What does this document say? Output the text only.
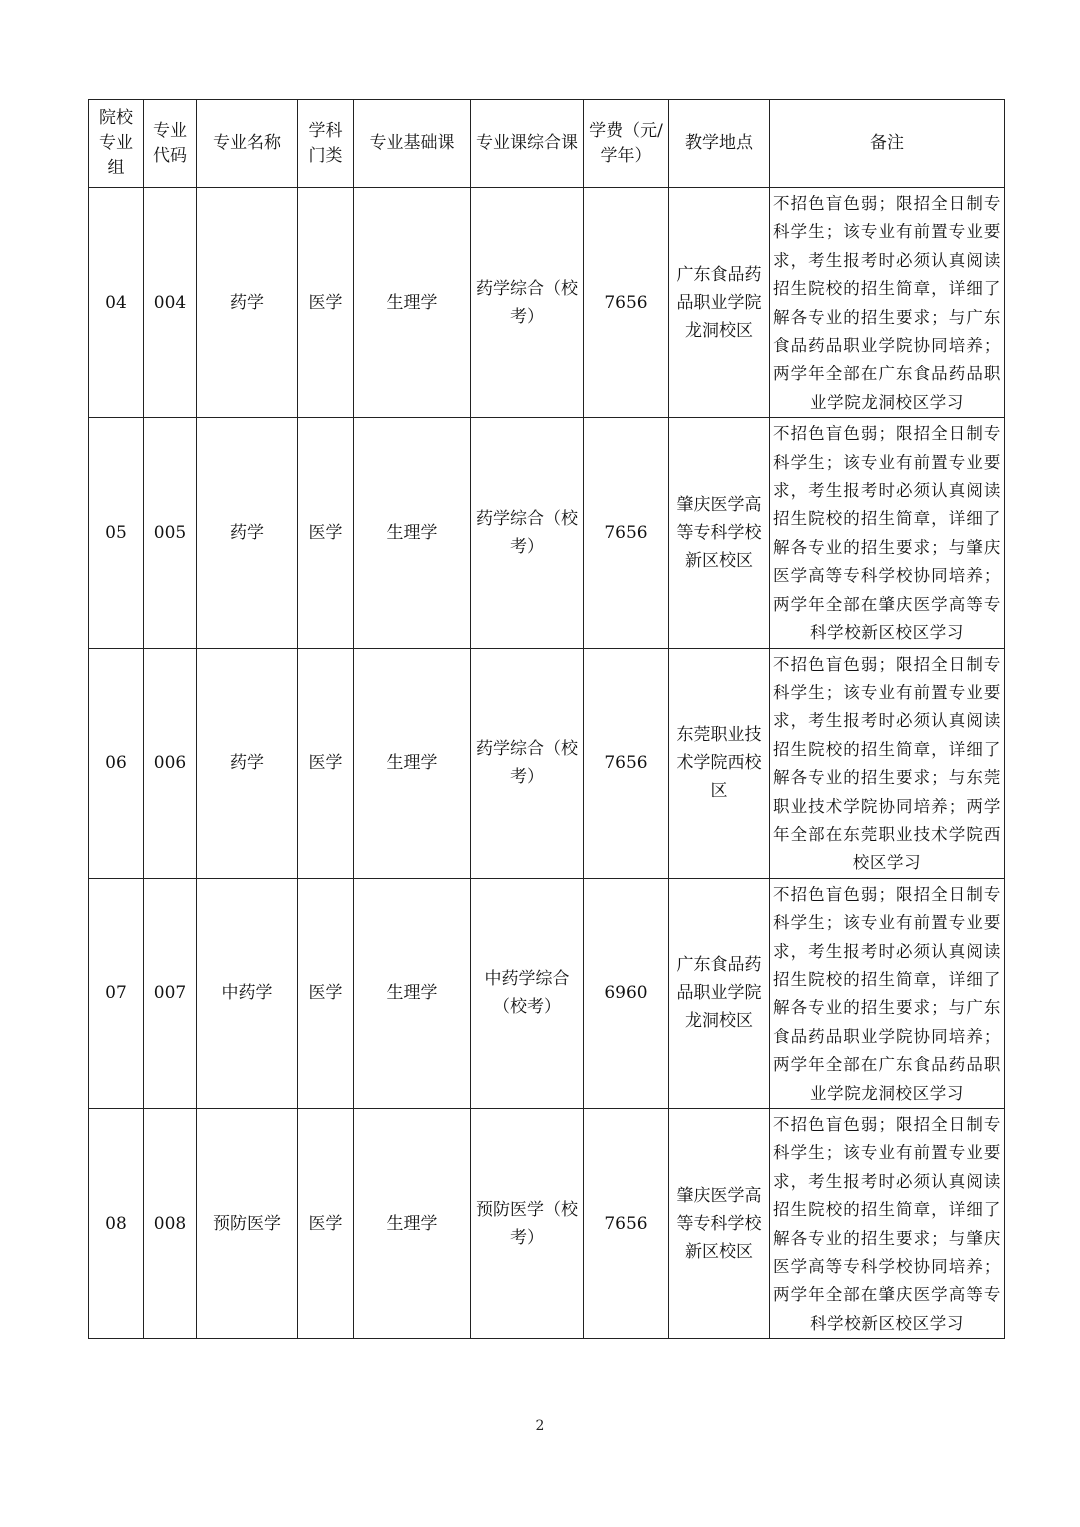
院校专业组	专业代码	专业名称	学科门类	专业基础课	专业课综合课	学费（元/学年）	教学地点	备注

04	004	药学	医学	生理学	药学综合（校考）	7656	广东食品药品职业学院龙洞校区	不招色盲色弱；限招全日制专科学生；该专业有前置专业要求，考生报考时必须认真阅读招生院校的招生简章，详细了解各专业的招生要求；与广东食品药品职业学院协同培养；两学年全部在广东食品药品职业学院龙洞校区学习

05	005	药学	医学	生理学	药学综合（校考）	7656	肇庆医学高等专科学校新区校区	不招色盲色弱；限招全日制专科学生；该专业有前置专业要求，考生报考时必须认真阅读招生院校的招生简章，详细了解各专业的招生要求；与肇庆医学高等专科学校协同培养；两学年全部在肇庆医学高等专科学校新区校区学习

06	006	药学	医学	生理学	药学综合（校考）	7656	东莞职业技术学院西校区	不招色盲色弱；限招全日制专科学生；该专业有前置专业要求，考生报考时必须认真阅读招生院校的招生简章，详细了解各专业的招生要求；与东莞职业技术学院协同培养；两学年全部在东莞职业技术学院西校区学习

07	007	中药学	医学	生理学	中药学综合（校考）	6960	广东食品药品职业学院龙洞校区	不招色盲色弱；限招全日制专科学生；该专业有前置专业要求，考生报考时必须认真阅读招生院校的招生简章，详细了解各专业的招生要求；与广东食品药品职业学院协同培养；两学年全部在广东食品药品职业学院龙洞校区学习

08	008	预防医学	医学	生理学	预防医学（校考）	7656	肇庆医学高等专科学校新区校区	不招色盲色弱；限招全日制专科学生；该专业有前置专业要求，考生报考时必须认真阅读招生院校的招生简章，详细了解各专业的招生要求；与肇庆医学高等专科学校协同培养；两学年全部在肇庆医学高等专科学校新区校区学习
2
